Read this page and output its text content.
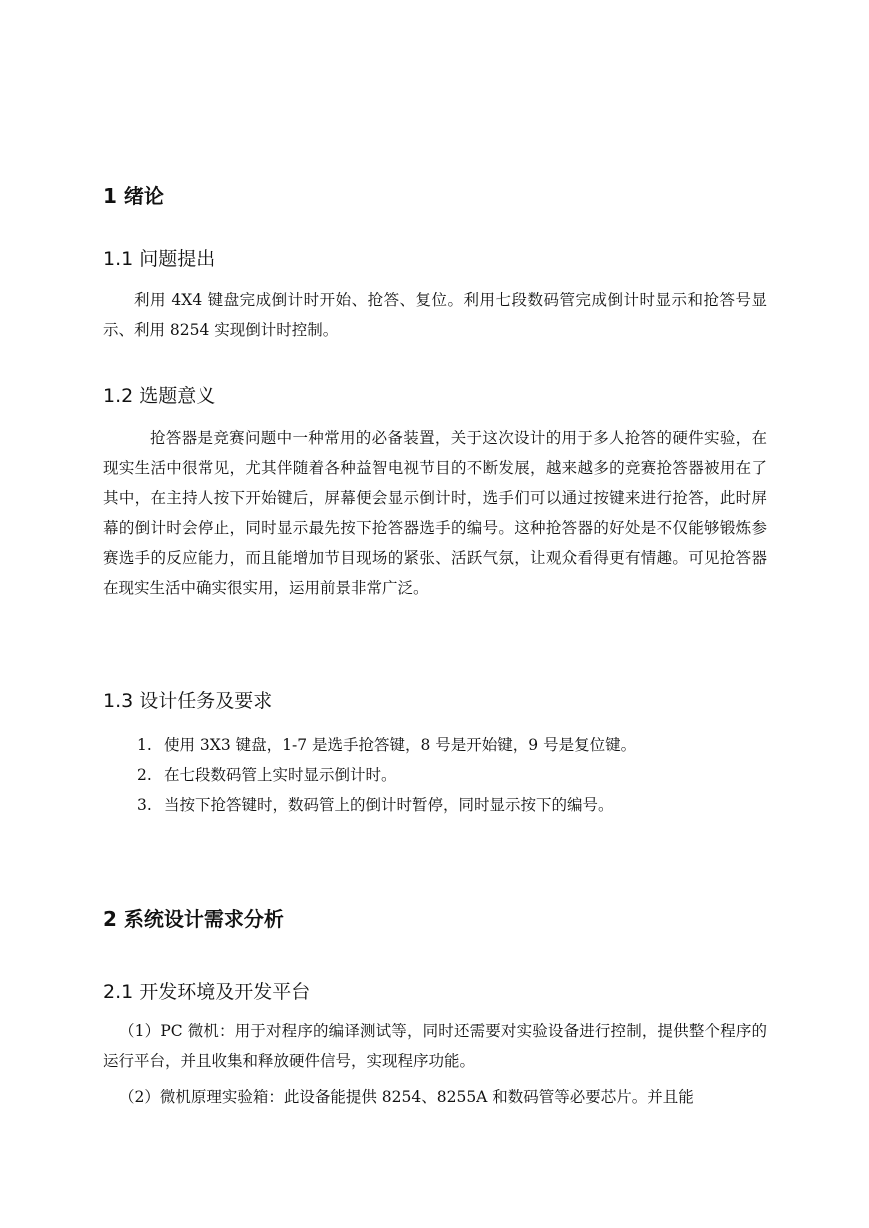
1 绪论
1.1 问题提出

利用 4X4 键盘完成倒计时开始、抢答、复位。利用七段数码管完成倒计时显示和抢答号显示、利用 8254 实现倒计时控制。

1.2 选题意义

抢答器是竞赛问题中一种常用的必备装置，关于这次设计的用于多人抢答的硬件实验，在现实生活中很常见，尤其伴随着各种益智电视节目的不断发展，越来越多的竞赛抢答器被用在了其中，在主持人按下开始键后，屏幕便会显示倒计时，选手们可以通过按键来进行抢答，此时屏幕的倒计时会停止，同时显示最先按下抢答器选手的编号。这种抢答器的好处是不仅能够锻炼参赛选手的反应能力，而且能增加节目现场的紧张、活跃气氛，让观众看得更有情趣。可见抢答器在现实生活中确实很实用，运用前景非常广泛。

1.3 设计任务及要求
1. 使用 3X3 键盘，1-7 是选手抢答键，8 号是开始键，9 号是复位键。
2. 在七段数码管上实时显示倒计时。
3. 当按下抢答键时，数码管上的倒计时暂停，同时显示按下的编号。
2 系统设计需求分析
2.1 开发环境及开发平台

（1）PC 微机：用于对程序的编译测试等，同时还需要对实验设备进行控制，提供整个程序的运行平台，并且收集和释放硬件信号，实现程序功能。

（2）微机原理实验箱：此设备能提供 8254、8255A 和数码管等必要芯片。并且能
